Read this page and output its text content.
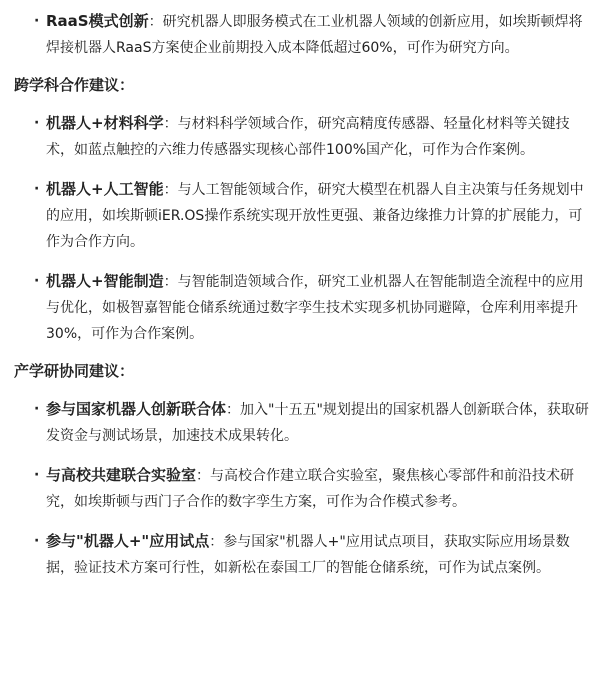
· RaaS模式创新：研究机器人即服务模式在工业机器人领域的创新应用，如埃斯顿焊将焊接机器人RaaS方案使企业前期投入成本降低超过60%，可作为研究方向。

跨学科合作建议：

· 机器人+材料科学：与材料科学领域合作，研究高精度传感器、轻量化材料等关键技术，如蓝点触控的六维力传感器实现核心部件100%国产化，可作为合作案例。

· 机器人+人工智能：与人工智能领域合作，研究大模型在机器人自主决策与任务规划中的应用，如埃斯顿iER.OS操作系统实现开放性更强、兼备边缘推力计算的扩展能力，可作为合作方向。

· 机器人+智能制造：与智能制造领域合作，研究工业机器人在智能制造全流程中的应用与优化，如极智嘉智能仓储系统通过数字孪生技术实现多机协同避障，仓库利用率提升30%，可作为合作案例。

产学研协同建议：

· 参与国家机器人创新联合体：加入"十五五"规划提出的国家机器人创新联合体，获取研发资金与测试场景，加速技术成果转化。

· 与高校共建联合实验室：与高校合作建立联合实验室，聚焦核心零部件和前沿技术研究，如埃斯顿与西门子合作的数字孪生方案，可作为合作模式参考。

· 参与"机器人+"应用试点：参与国家"机器人+"应用试点项目，获取实际应用场景数据，验证技术方案可行性，如新松在泰国工厂的智能仓储系统，可作为试点案例。
